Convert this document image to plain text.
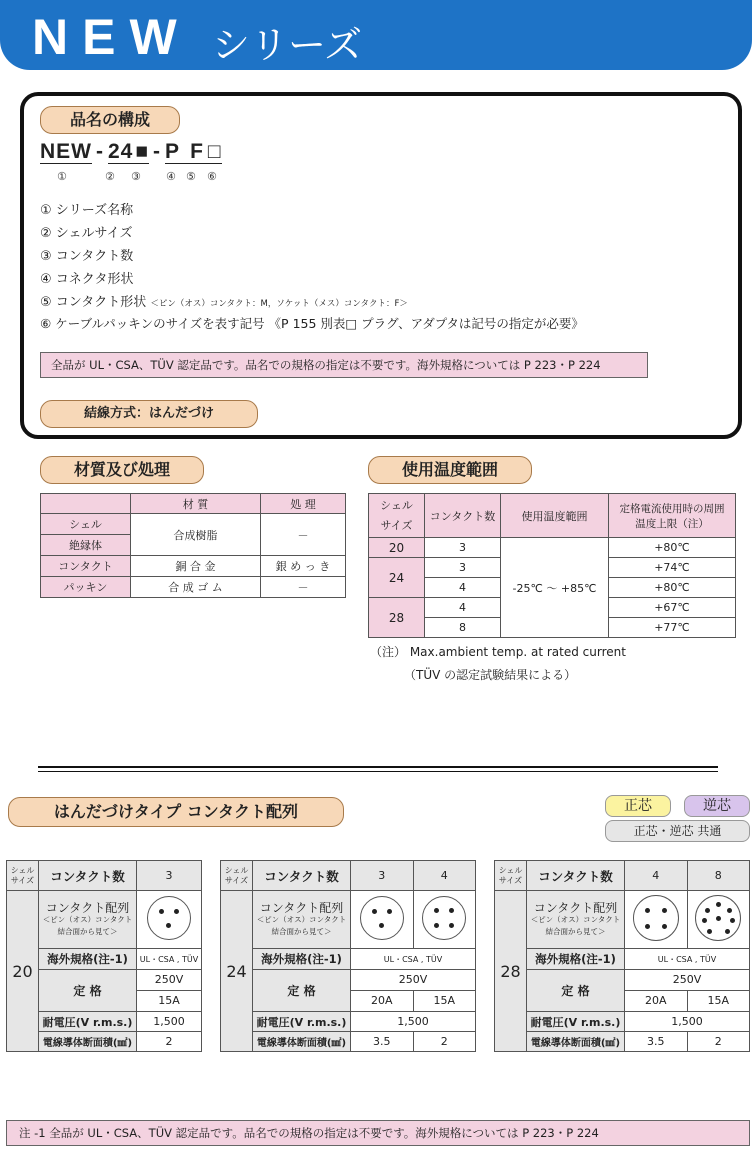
NEW シリーズ
品名の構成
NEW - 24■ - P F □
①	② ③ ④ ⑤ ⑥
① シリーズ名称
② シェルサイズ
③ コンタクト数
④ コネクタ形状
⑤ コンタクト形状 ＜ピン（オス）コンタクト：M，ソケット（メス）コンタクト：F＞
⑥ ケーブルパッキンのサイズを表す記号 《P 155 別表□ プラグ、アダプタは記号の指定が必要》
全品が UL・CSA、TÜV 認定品です。品名での規格の指定は不要です。海外規格については P 223・P 224
結線方式：はんだづけ
材質及び処理
	材 質	処 理
シェル	合成樹脂	－
絶縁体		
コンタクト	銅 合 金	銀 め っ き
パッキン	合 成 ゴ ム	－
使用温度範囲
シェル
サイズ	コンタクト数	使用温度範囲	定格電流使用時の周囲温度上限（注）
20	3	-25℃ ～ +85℃	+80℃
24	3		+74℃
	4		+80℃
28	4		+67℃
	8		+77℃
（注） Max.ambient temp. at rated current
（TÜV の認定試験結果による）
はんだづけタイプ コンタクト配列	正芯	逆芯
正芯・逆芯 共通
シェル サイズ	コンタクト数	3
20	コンタクト配列
＜ピン（オス）コンタクト
結合面から見て＞	

	海外規格(注-1)	UL・CSA , TÜV
	定 格	250V
15A

	耐電圧(V r.m.s.)	1,500
	電線導体断面積(㎟)	2
シェル サイズ	コンタクト数	3	4
24	コンタクト配列
＜ピン（オス）コンタクト
結合面から見て＞		

	海外規格(注-1)	UL・CSA , TÜV	
	定 格	250V
20A 15A	

	耐電圧(V r.m.s.)	1,500	
	電線導体断面積(㎟)	3.5	2
シェル サイズ	コンタクト数	4	8
28	コンタクト配列
＜ピン（オス）コンタクト
結合面から見て＞		

	海外規格(注-1)	UL・CSA , TÜV	
	定 格	250V
20A 15A	

	耐電圧(V r.m.s.)	1,500	
	電線導体断面積(㎟)	3.5	2
注 -1 全品が UL・CSA、TÜV 認定品です。品名での規格の指定は不要です。海外規格については P 223・P 224
